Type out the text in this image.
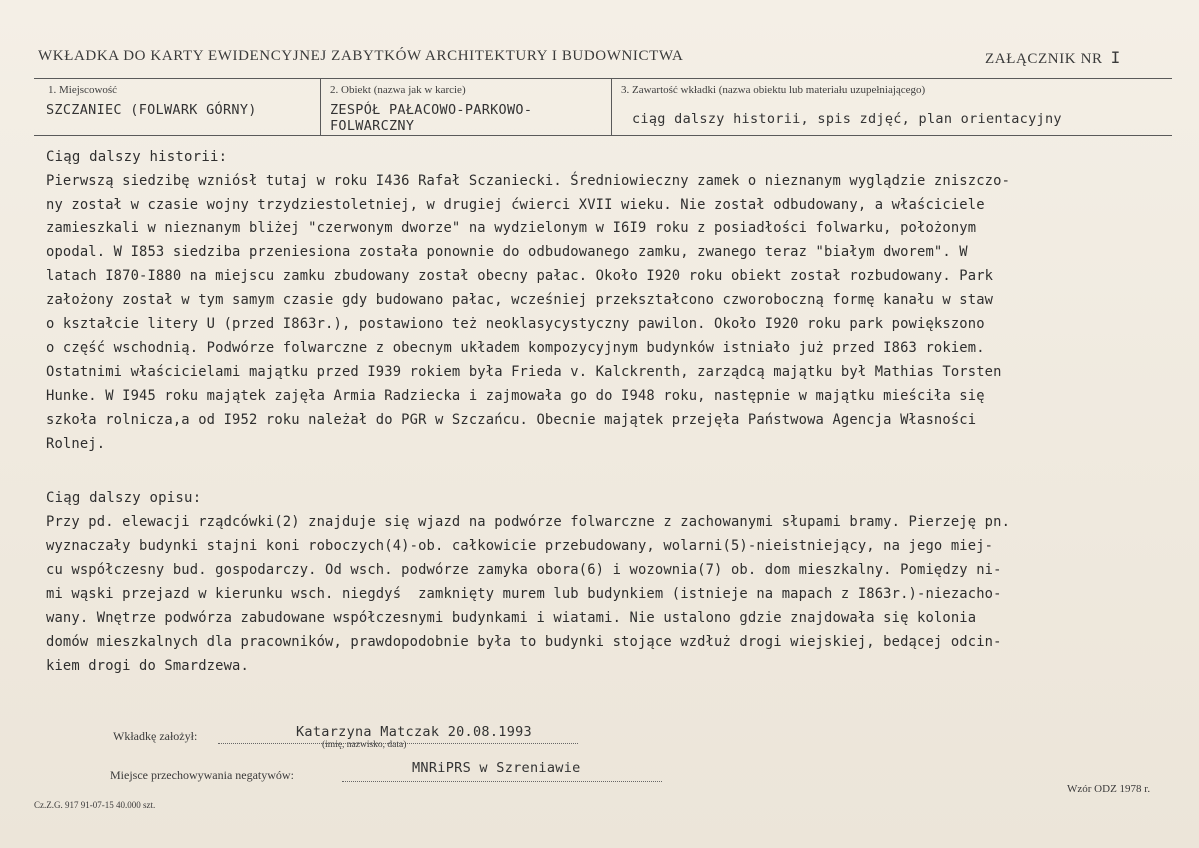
WKŁADKA DO KARTY EWIDENCYJNEJ ZABYTKÓW ARCHITEKTURY I BUDOWNICTWA	ZAŁĄCZNIK NR I
1. Miejscowość
SZCZANIEC (FOLWARK GÓRNY)
2. Obiekt (nazwa jak w karcie)
ZESPÓŁ PAŁACOWO-PARKOWO-
FOLWARCZNY
3. Zawartość wkładki (nazwa obiektu lub materiału uzupełniającego)
ciąg dalszy historii, spis zdjęć, plan orientacyjny
Ciąg dalszy historii:
Pierwszą siedzibę wzniósł tutaj w roku I436 Rafał Sczaniecki. Średniowieczny zamek o nieznanym wyglądzie zniszczo-
ny został w czasie wojny trzydziestoletniej, w drugiej ćwierci XVII wieku. Nie został odbudowany, a właściciele
zamieszkali w nieznanym bliżej "czerwonym dworze" na wydzielonym w I6I9 roku z posiadłości folwarku, położonym
opodal. W I853 siedziba przeniesiona została ponownie do odbudowanego zamku, zwanego teraz "białym dworem". W
latach I870-I880 na miejscu zamku zbudowany został obecny pałac. Około I920 roku obiekt został rozbudowany. Park
założony został w tym samym czasie gdy budowano pałac, wcześniej przekształcono czworoboczną formę kanału w staw
o kształcie litery U (przed I863r.), postawiono też neoklasycystyczny pawilon. Około I920 roku park powiększono
o część wschodnią. Podwórze folwarczne z obecnym układem kompozycyjnym budynków istniało już przed I863 rokiem.
Ostatnimi właścicielami majątku przed I939 rokiem była Frieda v. Kalckrenth, zarządcą majątku był Mathias Torsten
Hunke. W I945 roku majątek zajęła Armia Radziecka i zajmowała go do I948 roku, następnie w majątku mieściła się
szkoła rolnicza,a od I952 roku należał do PGR w Szczańcu. Obecnie majątek przejęła Państwowa Agencja Własności
Rolnej.
Ciąg dalszy opisu:
Przy pd. elewacji rządcówki(2) znajduje się wjazd na podwórze folwarczne z zachowanymi słupami bramy. Pierzeję pn.
wyznaczały budynki stajni koni roboczych(4)-ob. całkowicie przebudowany, wolarni(5)-nieistniejący, na jego miej-
cu współczesny bud. gospodarczy. Od wsch. podwórze zamyka obora(6) i wozownia(7) ob. dom mieszkalny. Pomiędzy ni-
mi wąski przejazd w kierunku wsch. niegdyś  zamknięty murem lub budynkiem (istnieje na mapach z I863r.)-niezacho-
wany. Wnętrze podwórza zabudowane współczesnymi budynkami i wiatami. Nie ustalono gdzie znajdowała się kolonia
domów mieszkalnych dla pracowników, prawdopodobnie była to budynki stojące wzdłuż drogi wiejskiej, bedącej odcin-
kiem drogi do Smardzewa.
Wkładkę założył:	Katarzyna Matczak 20.08.1993
(imię, nazwisko, data)
Miejsce przechowywania negatywów:	MNRiPRS w Szreniawie
Wzór ODZ 1978 r.
Cz.Z.G. 917 91-07-15 40.000 szt.
